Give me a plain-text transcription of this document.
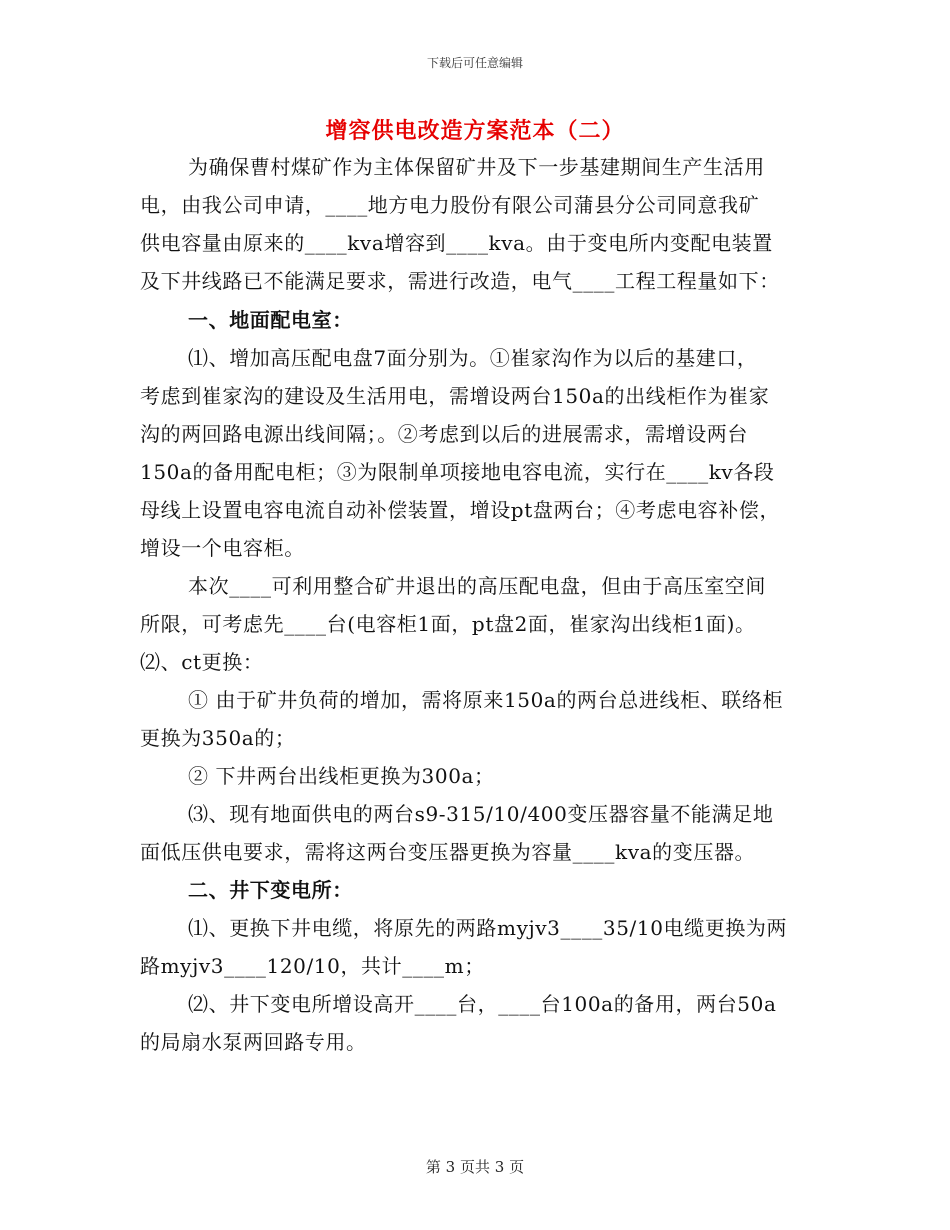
下载后可任意编辑
增容供电改造方案范本（二）
为确保曹村煤矿作为主体保留矿井及下一步基建期间生产生活用
电，由我公司申请，____地方电力股份有限公司蒲县分公司同意我矿
供电容量由原来的____kva增容到____kva。由于变电所内变配电装置
及下井线路已不能满足要求，需进行改造，电气____工程工程量如下：
一、地面配电室：
⑴、增加高压配电盘7面分别为。①崔家沟作为以后的基建口，
考虑到崔家沟的建设及生活用电，需增设两台150a的出线柜作为崔家
沟的两回路电源出线间隔；。②考虑到以后的进展需求，需增设两台
150a的备用配电柜；③为限制单项接地电容电流，实行在____kv各段
母线上设置电容电流自动补偿装置，增设pt盘两台；④考虑电容补偿，
增设一个电容柜。
本次____可利用整合矿井退出的高压配电盘，但由于高压室空间
所限，可考虑先____台(电容柜1面，pt盘2面，崔家沟出线柜1面)。
⑵、ct更换：
① 由于矿井负荷的增加，需将原来150a的两台总进线柜、联络柜
更换为350a的；
② 下井两台出线柜更换为300a；
⑶、现有地面供电的两台s9-315/10/400变压器容量不能满足地
面低压供电要求，需将这两台变压器更换为容量____kva的变压器。
二、井下变电所：
⑴、更换下井电缆，将原先的两路myjv3____35/10电缆更换为两
路myjv3____120/10，共计____m；
⑵、井下变电所增设高开____台，____台100a的备用，两台50a
的局扇水泵两回路专用。
第 3 页共 3 页
